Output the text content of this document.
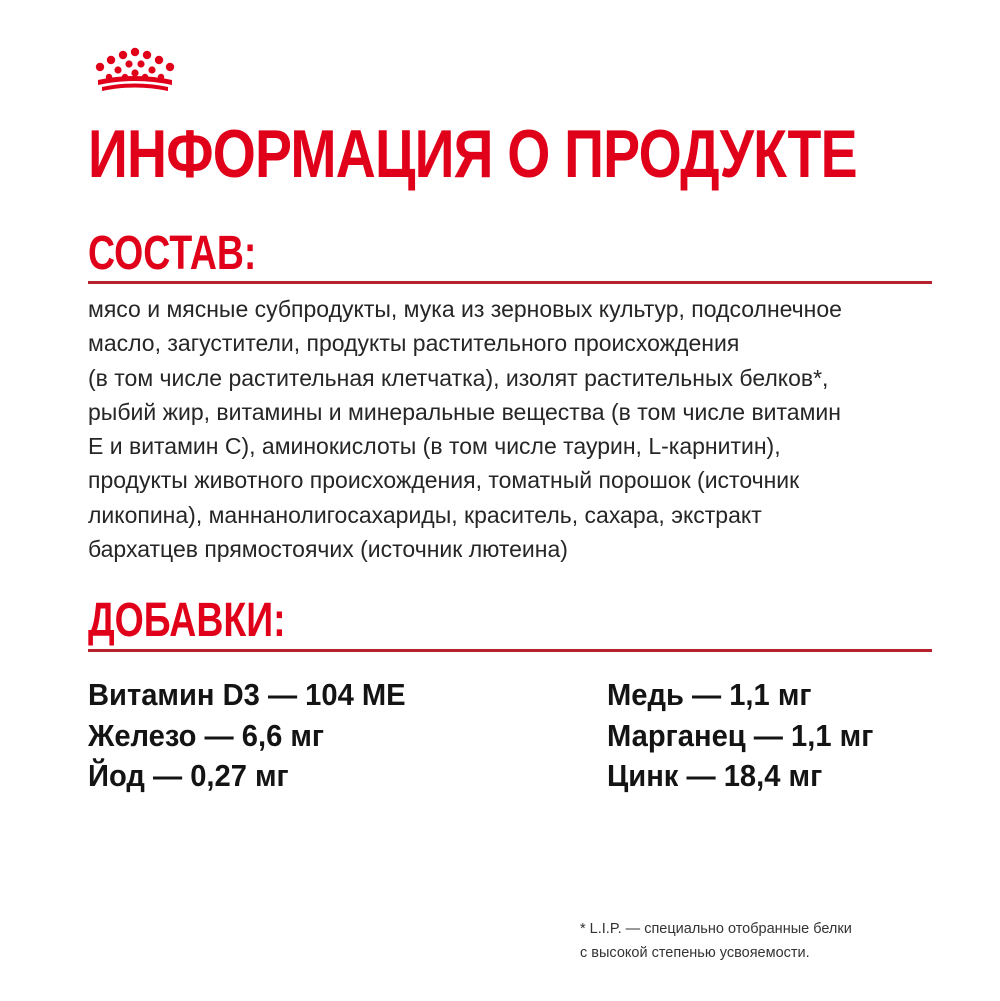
ИНФОРМАЦИЯ О ПРОДУКТЕ
СОСТАВ:
мясо и мясные субпродукты, мука из зерновых культур, подсолнечное
масло, загустители, продукты растительного происхождения
(в том числе растительная клетчатка), изолят растительных белков*,
рыбий жир, витамины и минеральные вещества (в том числе витамин
E и витамин C), аминокислоты (в том числе таурин, L-карнитин),
продукты животного происхождения, томатный порошок (источник
ликопина), маннанолигосахариды, краситель, сахара, экстракт
бархатцев прямостоячих (источник лютеина)
ДОБАВКИ:
Витамин D3 — 104 МЕ
Железо — 6,6 мг
Йод — 0,27 мг
Медь — 1,1 мг
Марганец — 1,1 мг
Цинк — 18,4 мг
* L.I.P. — специально отобранные белки
с высокой степенью усвояемости.
